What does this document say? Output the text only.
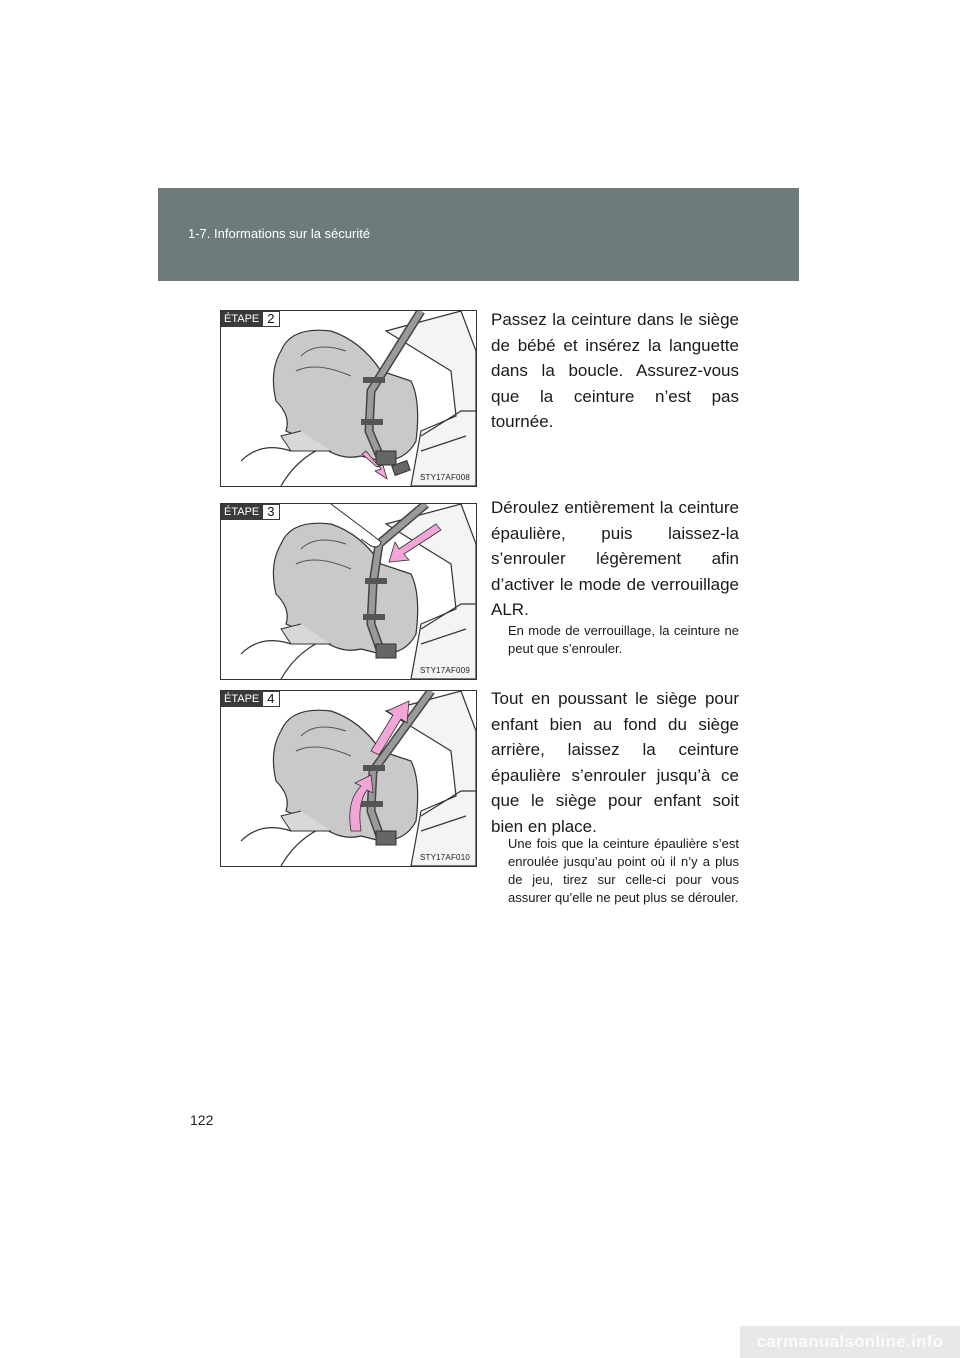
1-7. Informations sur la sécurité
ÉTAPE 2
STY17AF008
Passez la ceinture dans le siège de bébé et insérez la languette dans la boucle. Assurez-vous que la ceinture n’est pas tournée.
ÉTAPE 3
STY17AF009
Déroulez entièrement la ceinture épaulière, puis laissez-la s’enrouler légèrement afin d’activer le mode de verrouillage ALR.
En mode de verrouillage, la ceinture ne peut que s’enrouler.
ÉTAPE 4
STY17AF010
Tout en poussant le siège pour enfant bien au fond du siège arrière, laissez la ceinture épaulière s’enrouler jusqu’à ce que le siège pour enfant soit bien en place.
Une fois que la ceinture épaulière s’est enroulée jusqu’au point où il n’y a plus de jeu, tirez sur celle-ci pour vous assurer qu’elle ne peut plus se dérouler.
122
carmanualsonline.info
